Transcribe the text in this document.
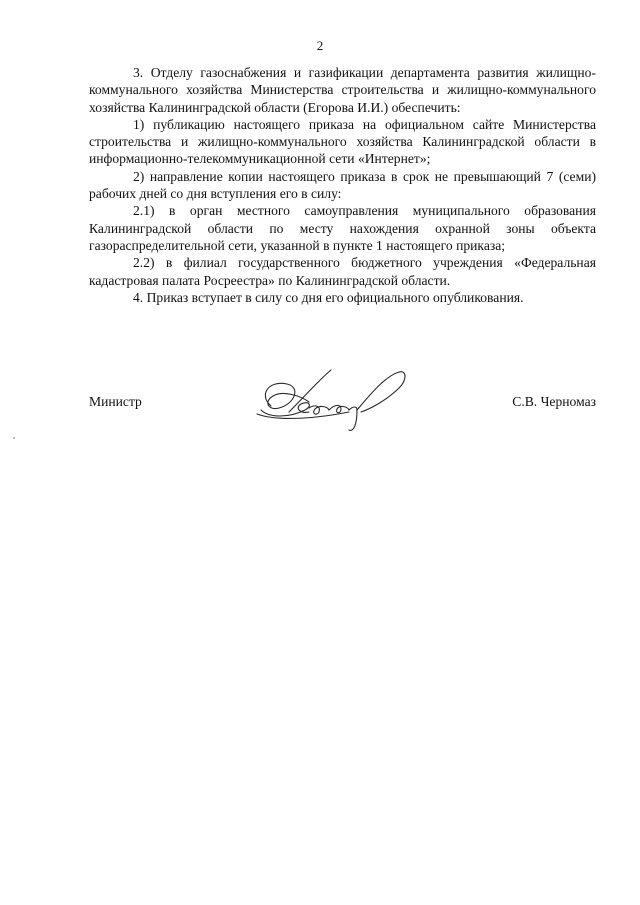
2

3. Отделу газоснабжения и газификации департамента развития жилищно-коммунального хозяйства Министерства строительства и жилищно-коммунального хозяйства Калининградской области (Егорова И.И.) обеспечить:

1) публикацию настоящего приказа на официальном сайте Министерства строительства и жилищно-коммунального хозяйства Калининградской области в информационно-телекоммуникационной сети «Интернет»;

2) направление копии настоящего приказа в срок не превышающий 7 (семи) рабочих дней со дня вступления его в силу:

2.1) в орган местного самоуправления муниципального образования Калининградской области по месту нахождения охранной зоны объекта газораспределительной сети, указанной в пункте 1 настоящего приказа;

2.2) в филиал государственного бюджетного учреждения «Федеральная кадастровая палата Росреестра» по Калининградской области.

4. Приказ вступает в силу со дня его официального опубликования.

Министр	С.В. Черномаз
